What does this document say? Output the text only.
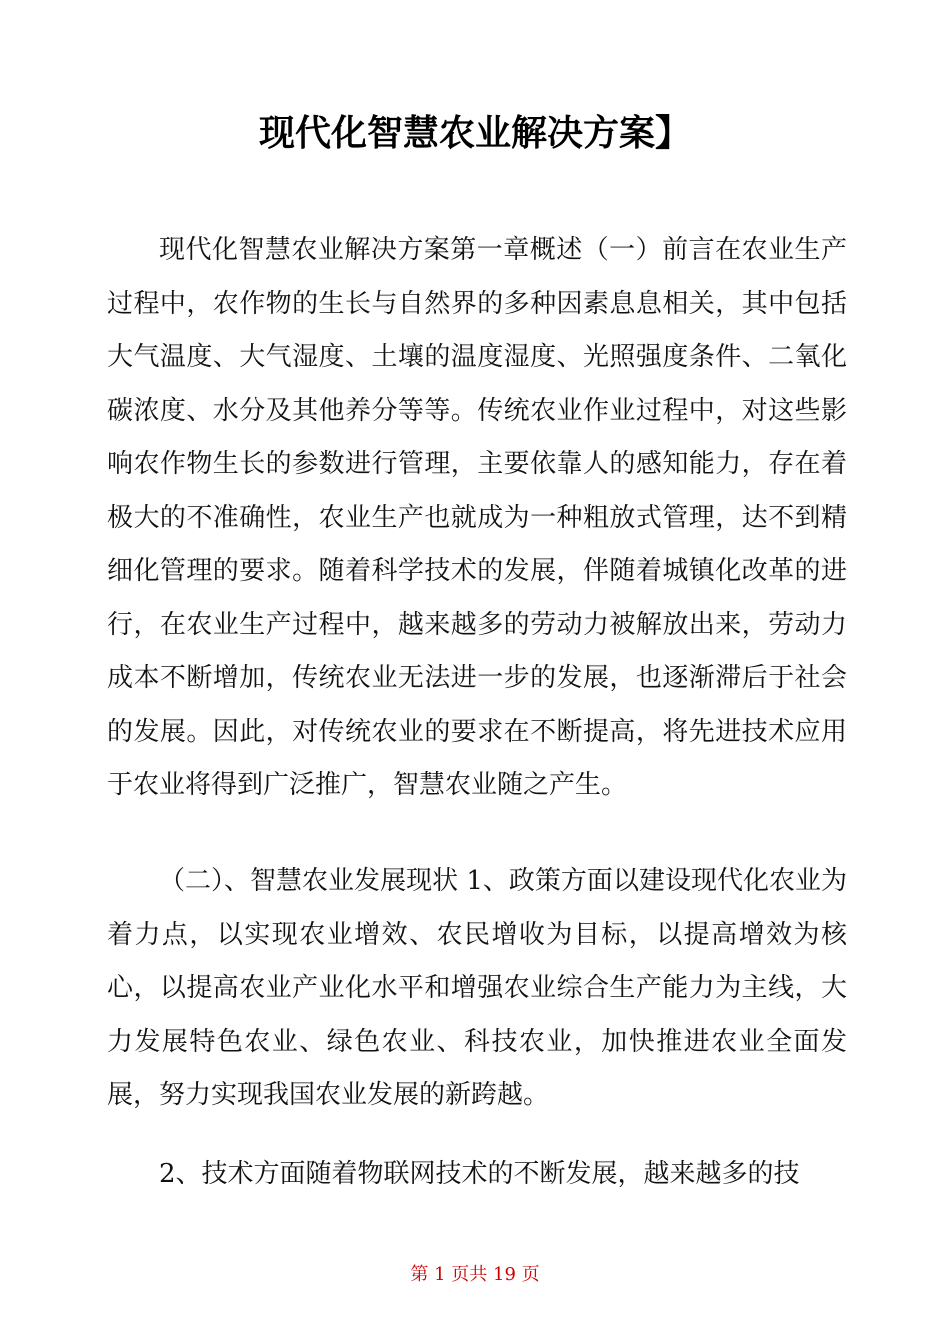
现代化智慧农业解决方案】

现代化智慧农业解决方案第一章概述（一）前言在农业生产过程中，农作物的生长与自然界的多种因素息息相关，其中包括大气温度、大气湿度、土壤的温度湿度、光照强度条件、二氧化碳浓度、水分及其他养分等等。传统农业作业过程中，对这些影响农作物生长的参数进行管理，主要依靠人的感知能力，存在着极大的不准确性，农业生产也就成为一种粗放式管理，达不到精细化管理的要求。随着科学技术的发展，伴随着城镇化改革的进行，在农业生产过程中，越来越多的劳动力被解放出来，劳动力成本不断增加，传统农业无法进一步的发展，也逐渐滞后于社会的发展。因此，对传统农业的要求在不断提高，将先进技术应用于农业将得到广泛推广，智慧农业随之产生。

（二）、智慧农业发展现状 1、政策方面以建设现代化农业为着力点，以实现农业增效、农民增收为目标，以提高增效为核心，以提高农业产业化水平和增强农业综合生产能力为主线，大力发展特色农业、绿色农业、科技农业，加快推进农业全面发展，努力实现我国农业发展的新跨越。

2、技术方面随着物联网技术的不断发展，越来越多的技

第 1 页共 19 页
